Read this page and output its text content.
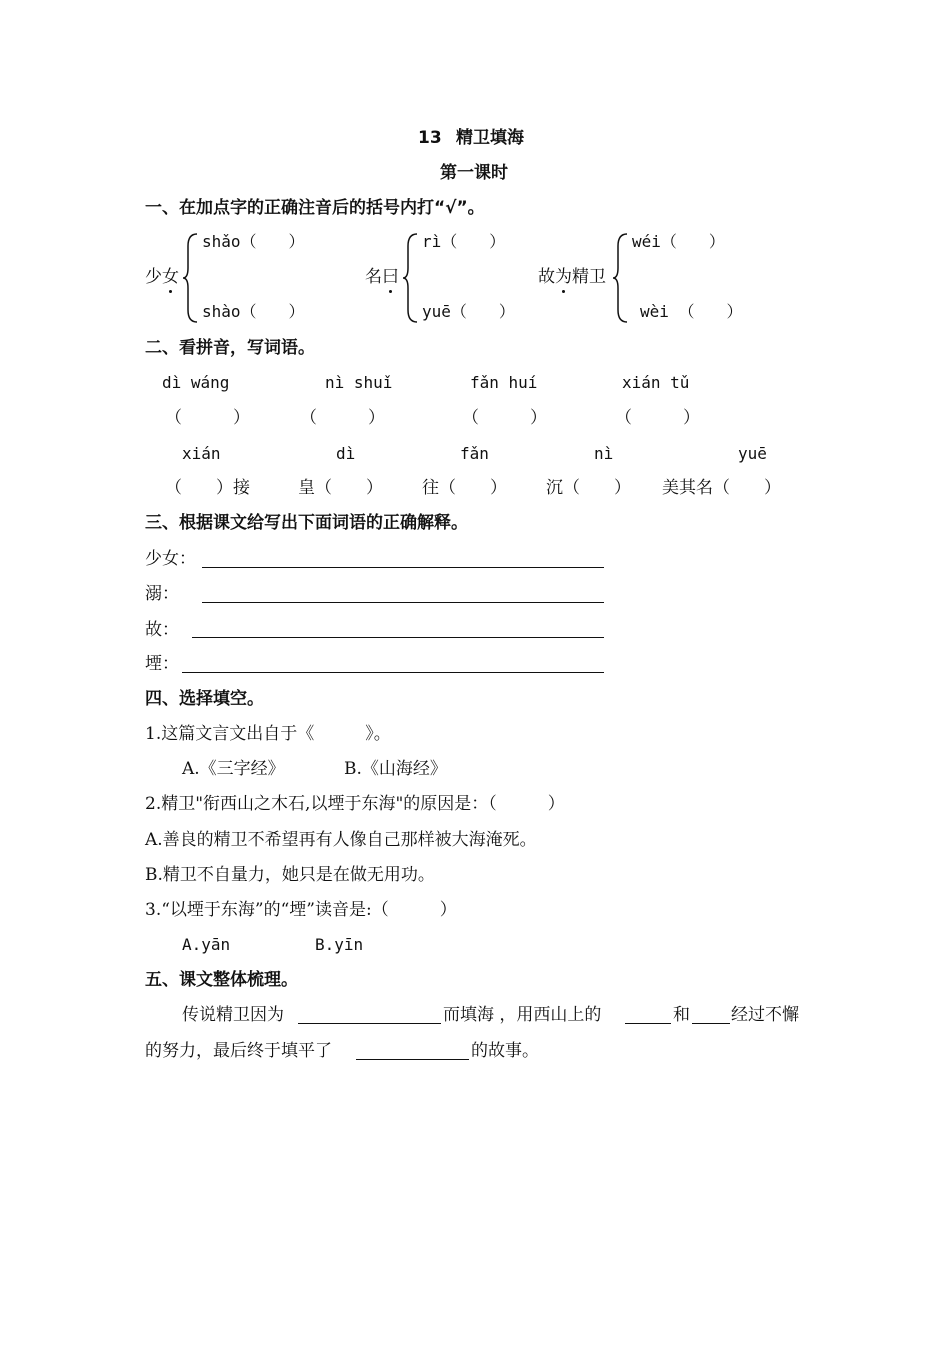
13 精卫填海
第一课时
一、在加点字的正确注音后的括号内打“√”。
少女
shǎo（　　）
shào（　　）
名曰
rì（　　）
yuē（　　）
故为精卫
wéi（　　）
wèi （　　）
二、看拼音，写词语。
dì wáng	nì shuǐ	fǎn huí	xián tǔ
（　　　）	（　　　）	（　　　）	（　　　）
xián	dì	fǎn	nì	yuē
（　　）接	皇（　　） 往（　　） 沉（　　） 美其名（　　）
三、根据课文给写出下面词语的正确解释。
少女：
溺：
故：
堙：
四、选择填空。
1.这篇文言文出自于《　　　》。
A.《三字经》	B.《山海经》
2.精卫"衔西山之木石,以堙于东海"的原因是：（　　　）
A.善良的精卫不希望再有人像自己那样被大海淹死。
B.精卫不自量力，她只是在做无用功。
3.“以堙于东海”的“堙”读音是:（　　　）
A.yān	B.yīn
五、课文整体梳理。
传说精卫因为	而填海 ，用西山上的	和 经过不懈
的努力，最后终于填平了	的故事。
